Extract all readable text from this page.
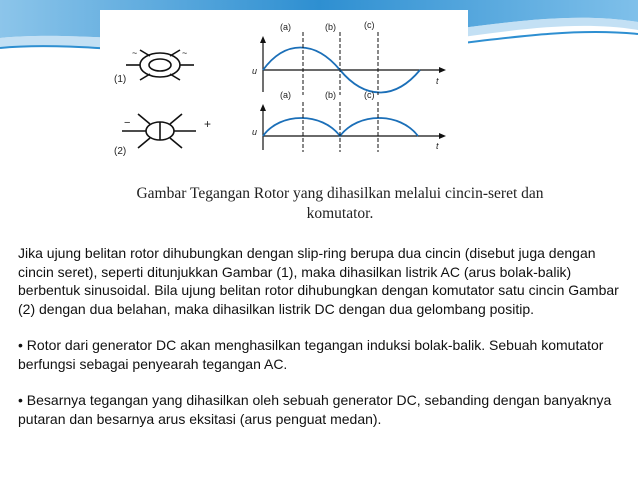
(1)
~	~
u
t
(a)	(b)	(c)
(2)
−	+
u
t
(a)	(b)	(c)
Gambar Tegangan Rotor yang dihasilkan melalui cincin-seret dan
komutator.

Jika ujung belitan rotor dihubungkan dengan slip-ring berupa dua cincin (disebut juga dengan cincin seret), seperti ditunjukkan Gambar (1), maka dihasilkan listrik AC (arus bolak-balik) berbentuk sinusoidal. Bila ujung belitan rotor dihubungkan dengan komutator satu cincin Gambar (2) dengan dua belahan, maka dihasilkan listrik DC dengan dua gelombang positip.

• Rotor dari generator DC akan menghasilkan tegangan induksi bolak-balik. Sebuah komutator berfungsi sebagai penyearah tegangan AC.

• Besarnya tegangan yang dihasilkan oleh sebuah generator DC, sebanding dengan banyaknya putaran dan besarnya arus eksitasi (arus penguat medan).
